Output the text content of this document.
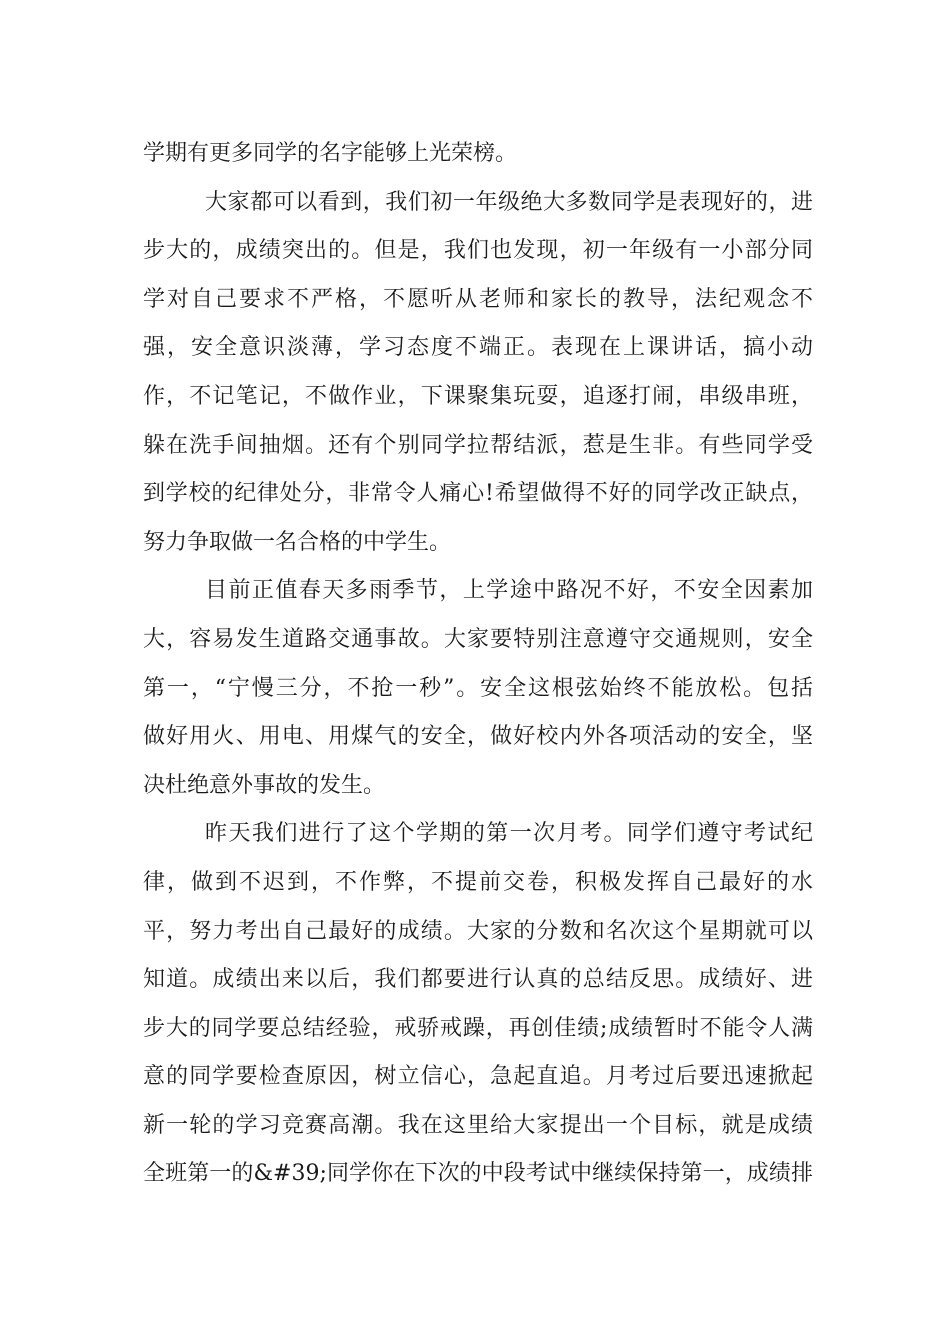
学期有更多同学的名字能够上光荣榜。
大家都可以看到，我们初一年级绝大多数同学是表现好的，进
步大的，成绩突出的。但是，我们也发现，初一年级有一小部分同
学对自己要求不严格，不愿听从老师和家长的教导，法纪观念不
强，安全意识淡薄，学习态度不端正。表现在上课讲话，搞小动
作，不记笔记，不做作业，下课聚集玩耍，追逐打闹，串级串班，
躲在洗手间抽烟。还有个别同学拉帮结派，惹是生非。有些同学受
到学校的纪律处分，非常令人痛心!希望做得不好的同学改正缺点，
努力争取做一名合格的中学生。
目前正值春天多雨季节，上学途中路况不好，不安全因素加
大，容易发生道路交通事故。大家要特别注意遵守交通规则，安全
第一，“宁慢三分，不抢一秒”。安全这根弦始终不能放松。包括
做好用火、用电、用煤气的安全，做好校内外各项活动的安全，坚
决杜绝意外事故的发生。
昨天我们进行了这个学期的第一次月考。同学们遵守考试纪
律，做到不迟到，不作弊，不提前交卷，积极发挥自己最好的水
平，努力考出自己最好的成绩。大家的分数和名次这个星期就可以
知道。成绩出来以后，我们都要进行认真的总结反思。成绩好、进
步大的同学要总结经验，戒骄戒躁，再创佳绩;成绩暂时不能令人满
意的同学要检查原因，树立信心，急起直追。月考过后要迅速掀起
新一轮的学习竞赛高潮。我在这里给大家提出一个目标，就是成绩
全班第一的&#39;同学你在下次的中段考试中继续保持第一，成绩排
